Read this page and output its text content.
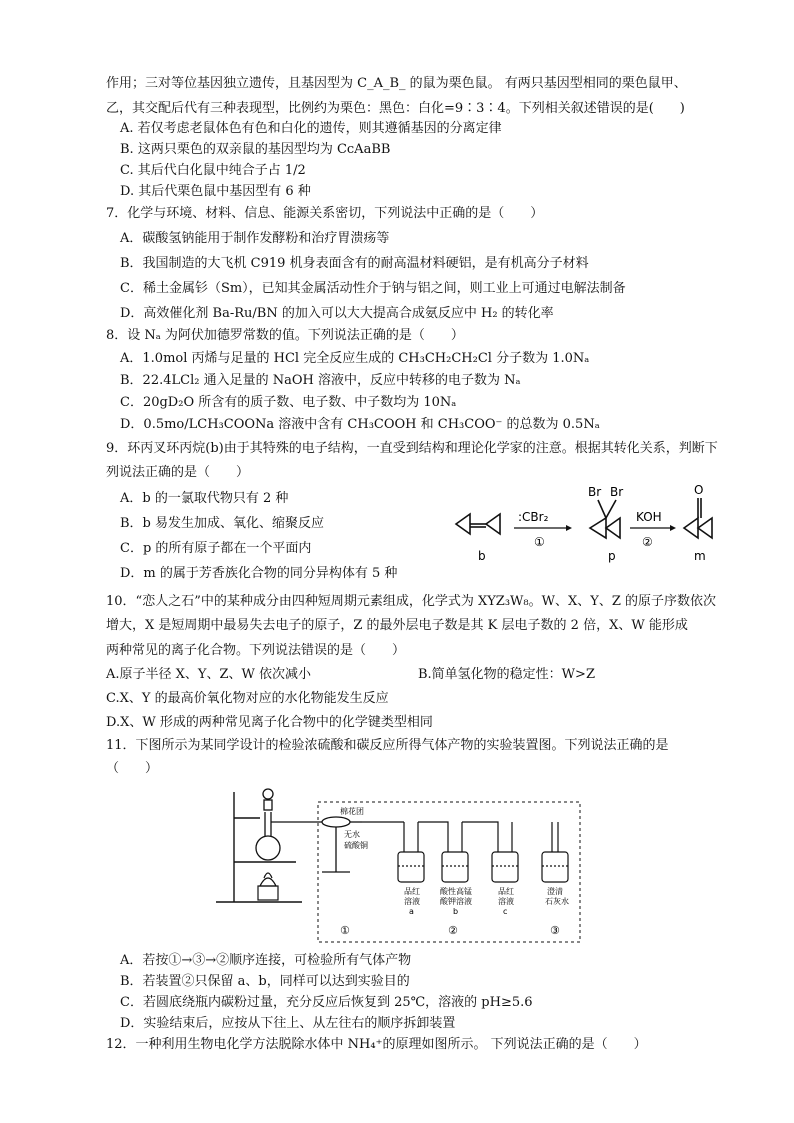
作用；三对等位基因独立遗传，且基因型为 C_A_B_ 的鼠为栗色鼠。 有两只基因型相同的栗色鼠甲、
乙，其交配后代有三种表现型，比例约为栗色：黑色：白化=9∶3∶4。下列相关叙述错误的是(　　)
A. 若仅考虑老鼠体色有色和白化的遗传，则其遵循基因的分离定律
B. 这两只栗色的双亲鼠的基因型均为 CcAaBB
C. 其后代白化鼠中纯合子占 1/2
D. 其后代栗色鼠中基因型有 6 种
7．化学与环境、材料、信息、能源关系密切，下列说法中正确的是（　　）
A．碳酸氢钠能用于制作发酵粉和治疗胃溃疡等
B．我国制造的大飞机 C919 机身表面含有的耐高温材料硬铝，是有机高分子材料
C．稀土金属钐（Sm），已知其金属活动性介于钠与铝之间，则工业上可通过电解法制备
D．高效催化剂 Ba-Ru/BN 的加入可以大大提高合成氨反应中 H₂ 的转化率
8．设 Nₐ 为阿伏加德罗常数的值。下列说法正确的是（　　）
A．1.0mol 丙烯与足量的 HCl 完全反应生成的 CH₃CH₂CH₂Cl 分子数为 1.0Nₐ
B．22.4LCl₂ 通入足量的 NaOH 溶液中，反应中转移的电子数为 Nₐ
C．20gD₂O 所含有的质子数、电子数、中子数均为 10Nₐ
D．0.5mo/LCH₃COONa 溶液中含有 CH₃COOH 和 CH₃COO⁻ 的总数为 0.5Nₐ
9．环丙叉环丙烷(b)由于其特殊的电子结构，一直受到结构和理论化学家的注意。根据其转化关系，判断下
列说法正确的是（　　）
A．b 的一氯取代物只有 2 种
B．b 易发生加成、氧化、缩聚反应
C．p 的所有原子都在一个平面内
D．m 的属于芳香族化合物的同分异构体有 5 种
b
:CBr₂
①
Br Br
p
KOH
②
O
m
10．“恋人之石”中的某种成分由四种短周期元素组成，化学式为 XYZ₃W₈。W、X、Y、Z 的原子序数依次
增大，X 是短周期中最易失去电子的原子，Z 的最外层电子数是其 K 层电子数的 2 倍，X、W 能形成
两种常见的离子化合物。下列说法错误的是（　　）
A.原子半径 X、Y、Z、W 依次减小	B.简单氢化物的稳定性：W>Z
C.X、Y 的最高价氧化物对应的水化物能发生反应
D.X、W 形成的两种常见离子化合物中的化学键类型相同
11．下图所示为某同学设计的检验浓硫酸和碳反应所得气体产物的实验装置图。下列说法正确的是
（　　）
棉花团
无水
硫酸铜
品红
溶液
a
酸性高锰
酸钾溶液
b
品红
溶液
c
澄清
石灰水
①	②	③
A．若按①→③→②顺序连接，可检验所有气体产物
B．若装置②只保留 a、b，同样可以达到实验目的
C．若圆底绕瓶内碳粉过量，充分反应后恢复到 25℃，溶液的 pH≥5.6
D．实验结束后，应按从下往上、从左往右的顺序拆卸装置
12．一种利用生物电化学方法脱除水体中 NH₄⁺的原理如图所示。 下列说法正确的是（　　）
